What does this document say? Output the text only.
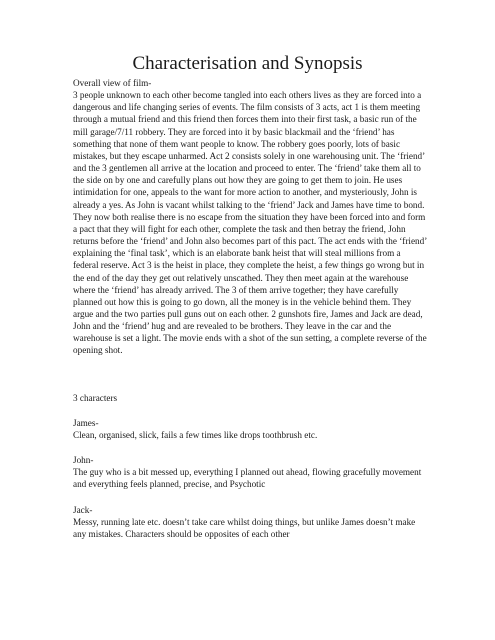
Characterisation and Synopsis

Overall view of film-

3 people unknown to each other become tangled into each others lives as they are forced into a dangerous and life changing series of events. The film consists of 3 acts, act 1 is them meeting through a mutual friend and this friend then forces them into their first task, a basic run of the mill garage/7/11 robbery. They are forced into it by basic blackmail and the ‘friend’ has something that none of them want people to know. The robbery goes poorly, lots of basic mistakes, but they escape unharmed. Act 2 consists solely in one warehousing unit. The ‘friend’ and the 3 gentlemen all arrive at the location and proceed to enter. The ‘friend’ take them all to the side on by one and carefully plans out how they are going to get them to join. He uses intimidation for one, appeals to the want for more action to another, and mysteriously, John is already a yes. As John is vacant whilst talking to the ‘friend’ Jack and James have time to bond. They now both realise there is no escape from the situation they have been forced into and form a pact that they will fight for each other, complete the task and then betray the friend, John returns before the ‘friend’ and John also becomes part of this pact. The act ends with the ‘friend’ explaining the ‘final task’, which is an elaborate bank heist that will steal millions from a federal reserve. Act 3 is the heist in place, they complete the heist, a few things go wrong but in the end of the day they get out relatively unscathed. They then meet again at the warehouse where the ‘friend’ has already arrived. The 3 of them arrive together; they have carefully planned out how this is going to go down, all the money is in the vehicle behind them. They argue and the two parties pull guns out on each other. 2 gunshots fire, James and Jack are dead, John and the ‘friend’ hug and are revealed to be brothers. They leave in the car and the warehouse is set a light. The movie ends with a shot of the sun setting, a complete reverse of the opening shot.

3 characters

James-

Clean, organised, slick, fails a few times like drops toothbrush etc.

John-

The guy who is a bit messed up, everything I planned out ahead, flowing gracefully movement and everything feels planned, precise, and Psychotic

Jack-

Messy, running late etc. doesn’t take care whilst doing things, but unlike James doesn’t make any mistakes. Characters should be opposites of each other
